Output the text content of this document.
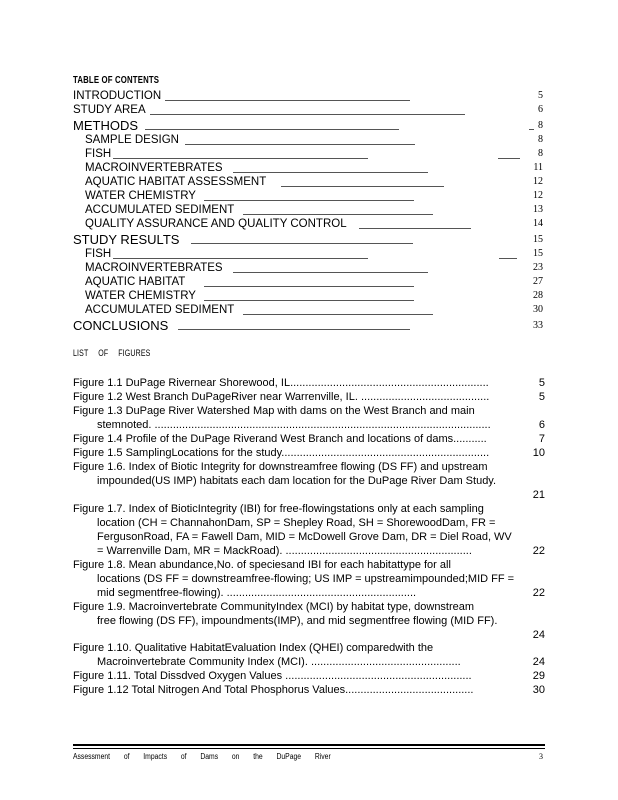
TABLE OF CONTENTS
INTRODUCTION	5
STUDY AREA	6
METHODS	8
SAMPLE DESIGN	8
FISH	8
MACROINVERTEBRATES	11
AQUATIC HABITAT ASSESSMENT	12
WATER CHEMISTRY	12
ACCUMULATED SEDIMENT	13
QUALITY ASSURANCE AND QUALITY CONTROL	14
STUDY RESULTS	15
FISH	15
MACROINVERTEBRATES	23
AQUATIC HABITAT	27
WATER CHEMISTRY	28
ACCUMULATED SEDIMENT	30
CONCLUSIONS	33
LIST OF FIGURES
Figure 1.1 DuPage Rivernear Shorewood, IL.................................................................	5
Figure 1.2 West Branch DuPageRiver near Warrenville, IL. ..........................................	5
Figure 1.3 DuPage River Watershed Map with dams on the West Branch and main
stemnoted. ..............................................................................................................	6
Figure 1.4 Profile of the DuPage Riverand West Branch and locations of dams...........	7
Figure 1.5 SamplingLocations for the study....................................................................	10
Figure 1.6. Index of Biotic Integrity for downstreamfree flowing (DS FF) and upstream
impounded(US IMP) habitats each dam location for the DuPage River Dam Study.
21
Figure 1.7. Index of BioticIntegrity (IBI) for free-flowingstations only at each sampling
location (CH = ChannahonDam, SP = Shepley Road, SH = ShorewoodDam, FR = FergusonRoad, FA = Fawell Dam, MID = McDowell Grove Dam, DR = Diel Road, WV = Warrenville Dam, MR = MackRoad). .............................................................	22
Figure 1.8. Mean abundance,No. of speciesand IBI for each habitattype for all
locations (DS FF = downstreamfree-flowing; US IMP = upstreamimpounded;MID FF = mid segmentfree-flowing). ..............................................................	22
Figure 1.9. Macroinvertebrate CommunityIndex (MCI) by habitat type, downstream
free flowing (DS FF), impoundments(IMP), and mid segmentfree flowing (MID FF).
24
Figure 1.10. Qualitative HabitatEvaluation Index (QHEI) comparedwith the
Macroinvertebrate Community Index (MCI). .................................................	24
Figure 1.11. Total Dissdved Oxygen Values .............................................................	29
Figure 1.12 Total Nitrogen And Total Phosphorus Values..........................................	30
Assessment of Impacts of Dams on the DuPage River	3
